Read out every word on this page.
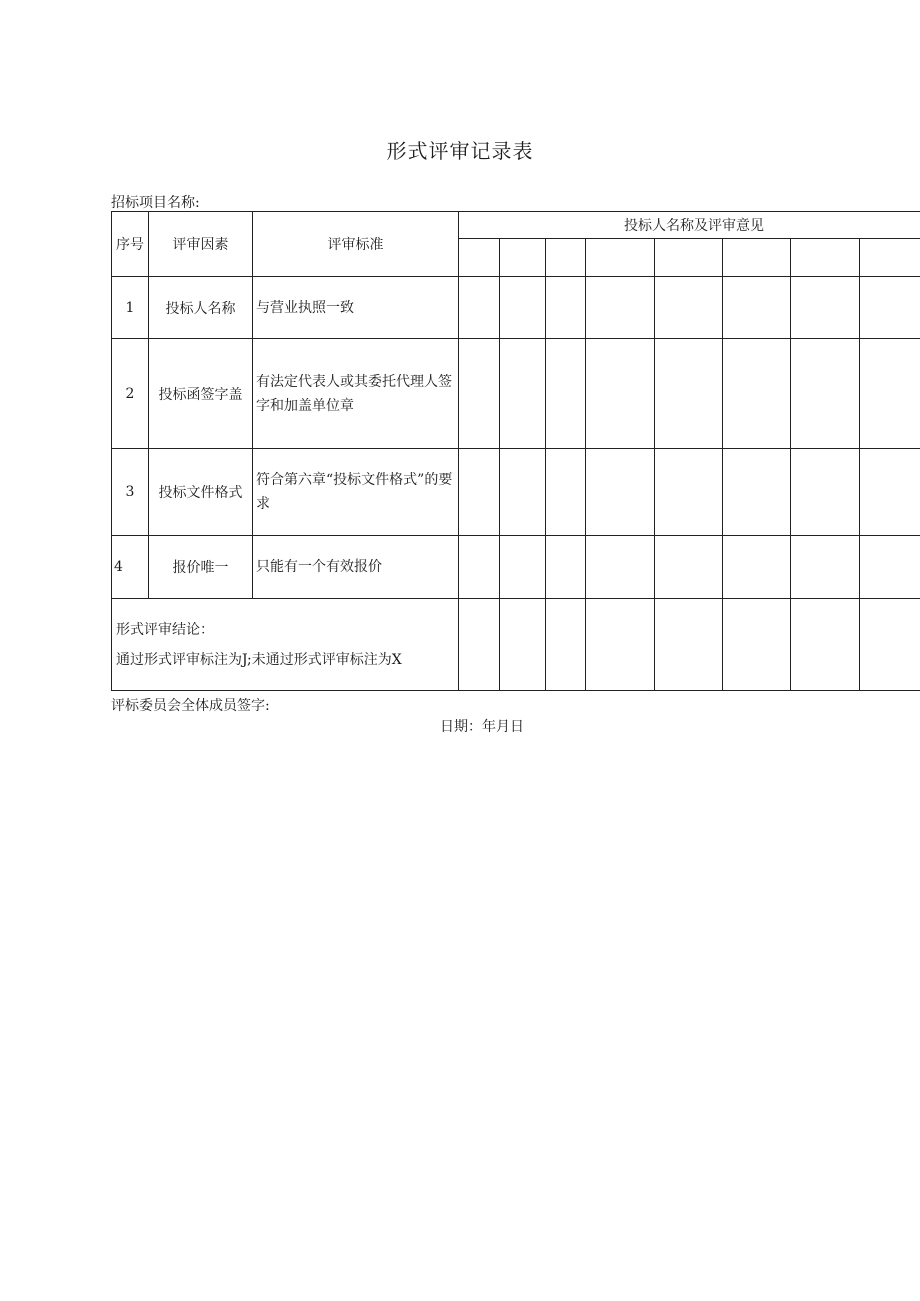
形式评审记录表
招标项目名称:
序号	评审因素	评审标准	投标人名称及评审意见							

1	投标人名称	与营业执照一致								
2	投标函签字盖	有法定代表人或其委托代理人签字和加盖单位章								
3	投标文件格式	符合第六章“投标文件格式”的要求								
4	报价唯一	只能有一个有效报价								

形式评审结论：
通过形式评审标注为J;未通过形式评审标注为X										

评标委员会全体成员签字:
日期：年月日
